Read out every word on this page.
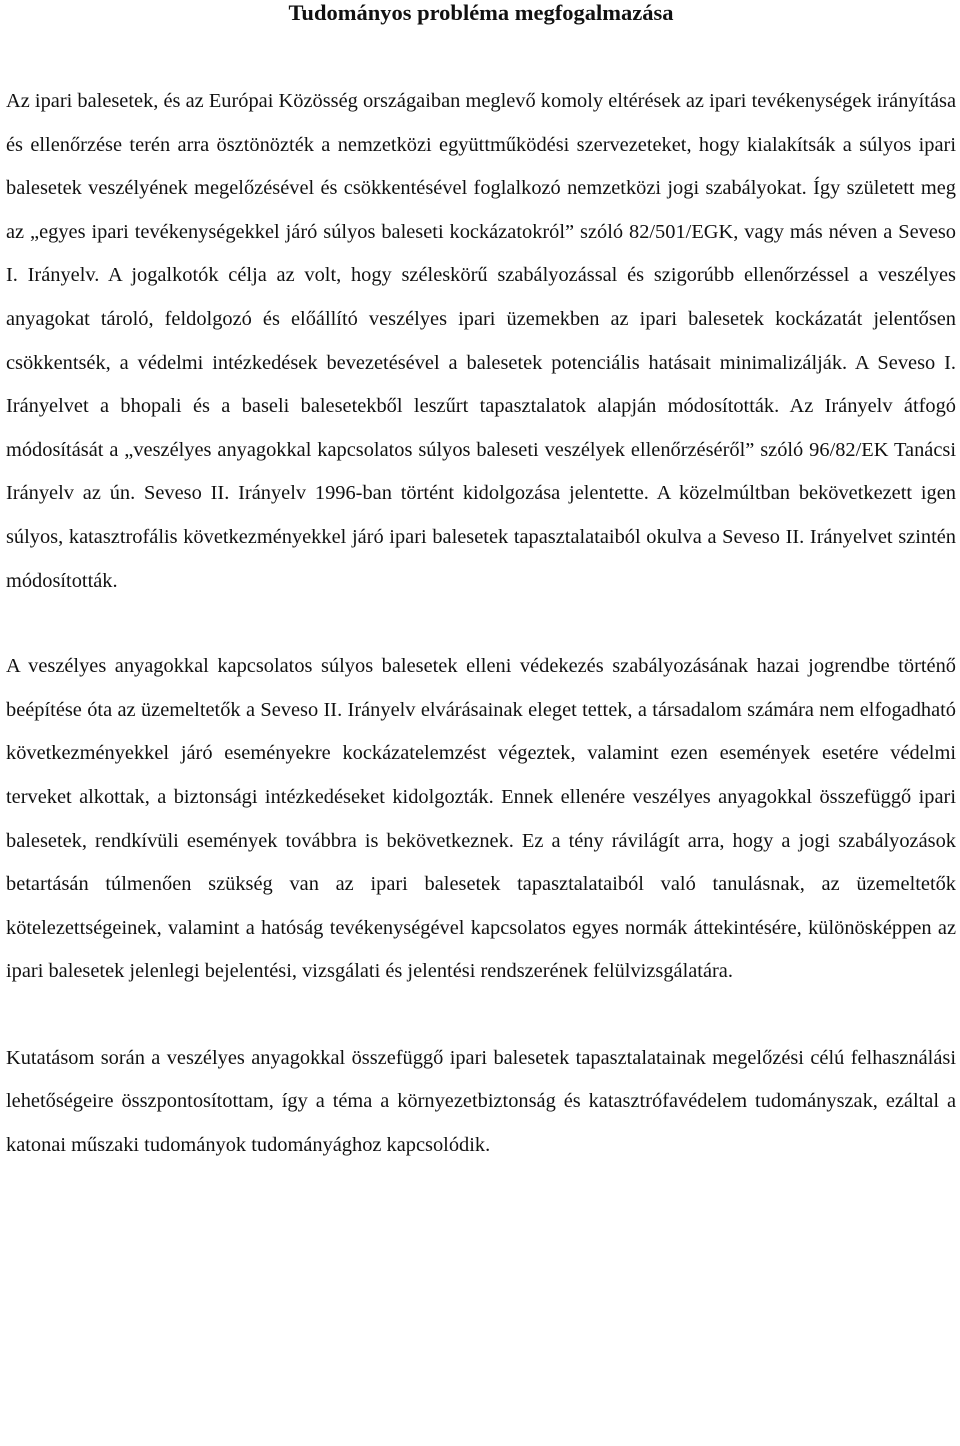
Tudományos probléma megfogalmazása

Az ipari balesetek, és az Európai Közösség országaiban meglevő komoly eltérések az ipari tevékenységek irányítása és ellenőrzése terén arra ösztönözték a nemzetközi együttműködési szervezeteket, hogy kialakítsák a súlyos ipari balesetek veszélyének megelőzésével és csökkentésével foglalkozó nemzetközi jogi szabályokat. Így született meg az „egyes ipari tevékenységekkel járó súlyos baleseti kockázatokról” szóló 82/501/EGK, vagy más néven a Seveso I. Irányelv. A jogalkotók célja az volt, hogy széleskörű szabályozással és szigorúbb ellenőrzéssel a veszélyes anyagokat tároló, feldolgozó és előállító veszélyes ipari üzemekben az ipari balesetek kockázatát jelentősen csökkentsék, a védelmi intézkedések bevezetésével a balesetek potenciális hatásait minimalizálják. A Seveso I. Irányelvet a bhopali és a baseli balesetekből leszűrt tapasztalatok alapján módosították. Az Irányelv átfogó módosítását a „veszélyes anyagokkal kapcsolatos súlyos baleseti veszélyek ellenőrzéséről” szóló 96/82/EK Tanácsi Irányelv az ún. Seveso II. Irányelv 1996-ban történt kidolgozása jelentette. A közelmúltban bekövetkezett igen súlyos, katasztrofális következményekkel járó ipari balesetek tapasztalataiból okulva a Seveso II. Irányelvet szintén módosították.

A veszélyes anyagokkal kapcsolatos súlyos balesetek elleni védekezés szabályozásának hazai jogrendbe történő beépítése óta az üzemeltetők a Seveso II. Irányelv elvárásainak eleget tettek, a társadalom számára nem elfogadható következményekkel járó eseményekre kockázatelemzést végeztek, valamint ezen események esetére védelmi terveket alkottak, a biztonsági intézkedéseket kidolgozták. Ennek ellenére veszélyes anyagokkal összefüggő ipari balesetek, rendkívüli események továbbra is bekövetkeznek. Ez a tény rávilágít arra, hogy a jogi szabályozások betartásán túlmenően szükség van az ipari balesetek tapasztalataiból való tanulásnak, az üzemeltetők kötelezettségeinek, valamint a hatóság tevékenységével kapcsolatos egyes normák áttekintésére, különösképpen az ipari balesetek jelenlegi bejelentési, vizsgálati és jelentési rendszerének felülvizsgálatára.

Kutatásom során a veszélyes anyagokkal összefüggő ipari balesetek tapasztalatainak megelőzési célú felhasználási lehetőségeire összpontosítottam, így a téma a környezetbiztonság és katasztrófavédelem tudományszak, ezáltal a katonai műszaki tudományok tudományághoz kapcsolódik.
